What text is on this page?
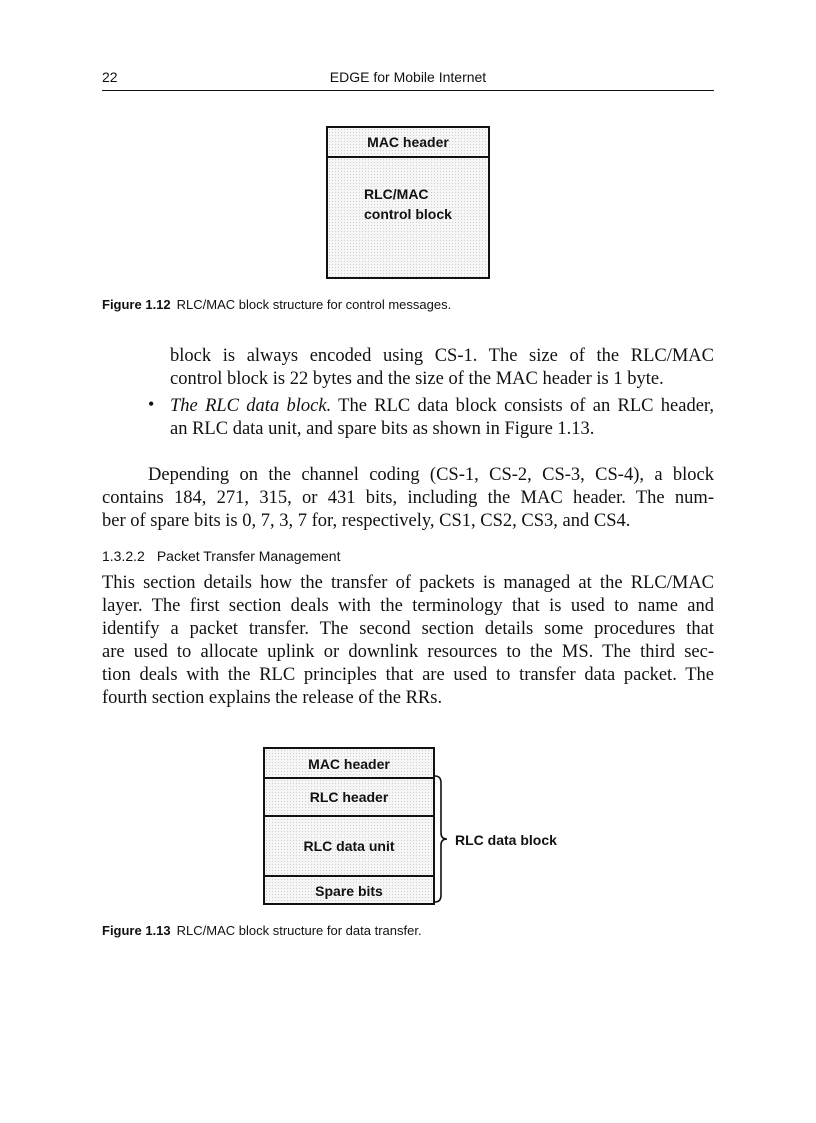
22	EDGE for Mobile Internet
MAC header
RLC/MAC
control block
Figure 1.12 RLC/MAC block structure for control messages.
block is always encoded using CS-1. The size of the RLC/MAC
control block is 22 bytes and the size of the MAC header is 1 byte.
• The RLC data block. The RLC data block consists of an RLC header,
an RLC data unit, and spare bits as shown in Figure 1.13.
Depending on the channel coding (CS-1, CS-2, CS-3, CS-4), a block
contains 184, 271, 315, or 431 bits, including the MAC header. The num-
ber of spare bits is 0, 7, 3, 7 for, respectively, CS1, CS2, CS3, and CS4.
1.3.2.2 Packet Transfer Management
This section details how the transfer of packets is managed at the RLC/MAC
layer. The first section deals with the terminology that is used to name and
identify a packet transfer. The second section details some procedures that
are used to allocate uplink or downlink resources to the MS. The third sec-
tion deals with the RLC principles that are used to transfer data packet. The
fourth section explains the release of the RRs.
MAC header
RLC header
RLC data unit
Spare bits
RLC data block
Figure 1.13 RLC/MAC block structure for data transfer.
